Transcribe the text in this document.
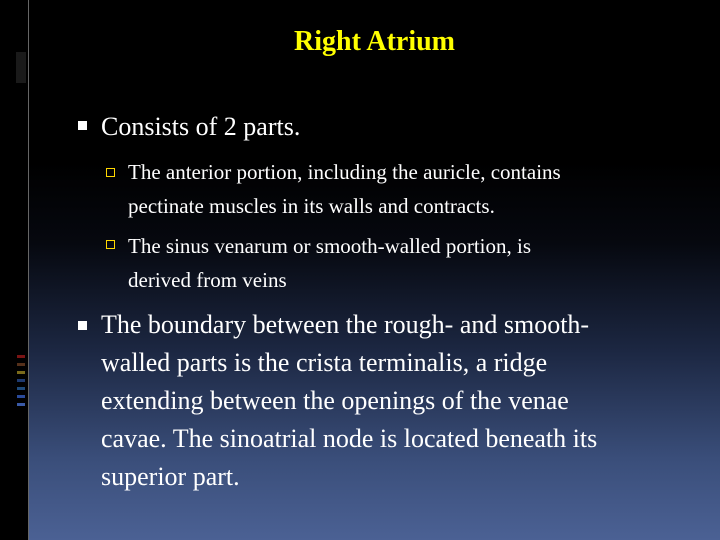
Right Atrium
Consists of 2 parts.
The anterior portion, including the auricle, contains
pectinate muscles in its walls and contracts.
The sinus venarum or smooth-walled portion, is
derived from veins
The boundary between the rough- and smooth-
walled parts is the crista terminalis, a ridge
extending between the openings of the venae
cavae. The sinoatrial node is located beneath its
superior part.
